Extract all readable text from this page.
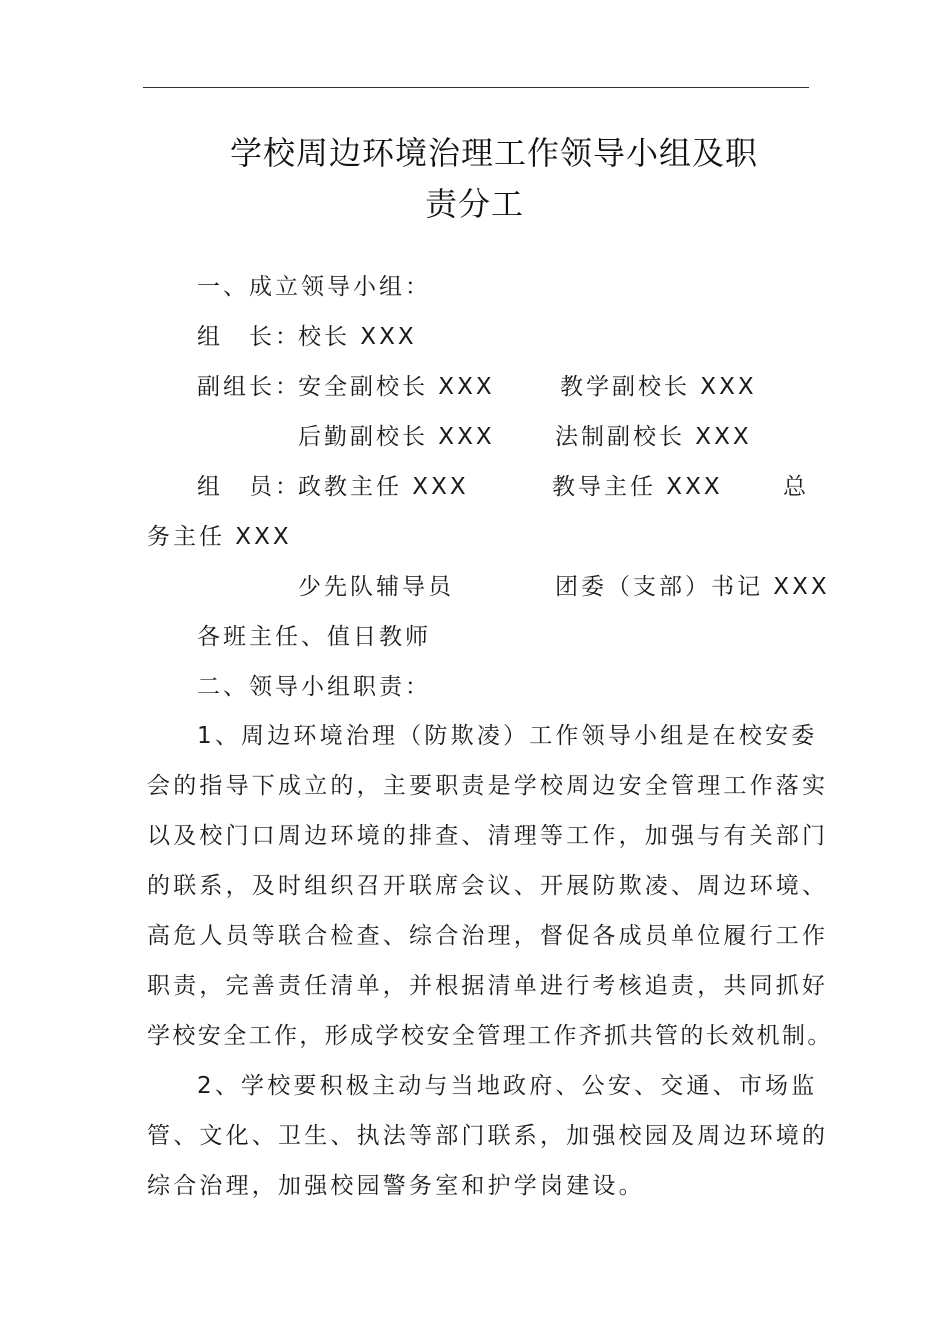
学校周边环境治理工作领导小组及职
责分工
一、成立领导小组：
组　长：
校长 XXX
副组长：
安全副校长 XXX	教学副校长 XXX
后勤副校长 XXX	法制副校长 XXX
组　员：
政教主任 XXX	教导主任 XXX	总
务主任 XXX
少先队辅导员	团委（支部）书记 XXX
各班主任、值日教师
二、领导小组职责：
1、周边环境治理（防欺凌）工作领导小组是在校安委
会的指导下成立的，主要职责是学校周边安全管理工作落实
以及校门口周边环境的排查、清理等工作，加强与有关部门
的联系，及时组织召开联席会议、开展防欺凌、周边环境、
高危人员等联合检查、综合治理，督促各成员单位履行工作
职责，完善责任清单，并根据清单进行考核追责，共同抓好
学校安全工作，形成学校安全管理工作齐抓共管的长效机制。
2、学校要积极主动与当地政府、公安、交通、市场监
管、文化、卫生、执法等部门联系，加强校园及周边环境的
综合治理，加强校园警务室和护学岗建设。
